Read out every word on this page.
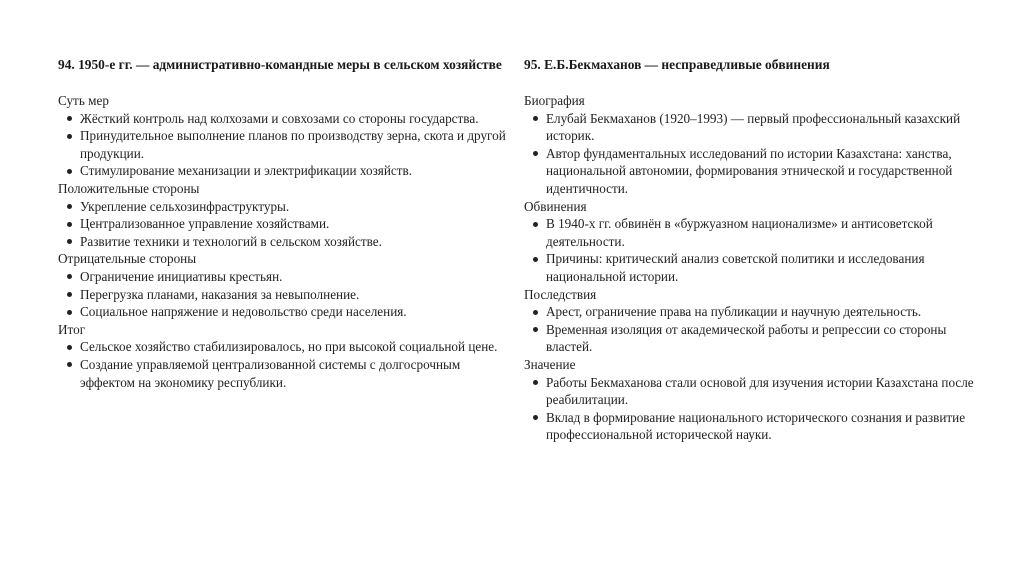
94. 1950-е гг. — административно-командные меры в сельском хозяйстве
Суть мер
Жёсткий контроль над колхозами и совхозами со стороны государства.
Принудительное выполнение планов по производству зерна, скота и другой продукции.
Стимулирование механизации и электрификации хозяйств.
Положительные стороны
Укрепление сельхозинфраструктуры.
Централизованное управление хозяйствами.
Развитие техники и технологий в сельском хозяйстве.
Отрицательные стороны
Ограничение инициативы крестьян.
Перегрузка планами, наказания за невыполнение.
Социальное напряжение и недовольство среди населения.
Итог
Сельское хозяйство стабилизировалось, но при высокой социальной цене.
Создание управляемой централизованной системы с долгосрочным эффектом на экономику республики.
95. Е.Б.Бекмаханов — несправедливые обвинения
Биография
Елубай Бекмаханов (1920–1993) — первый профессиональный казахский историк.
Автор фундаментальных исследований по истории Казахстана: ханства, национальной автономии, формирования этнической и государственной идентичности.
Обвинения
В 1940-х гг. обвинён в «буржуазном национализме» и антисоветской деятельности.
Причины: критический анализ советской политики и исследования национальной истории.
Последствия
Арест, ограничение права на публикации и научную деятельность.
Временная изоляция от академической работы и репрессии со стороны властей.
Значение
Работы Бекмаханова стали основой для изучения истории Казахстана после реабилитации.
Вклад в формирование национального исторического сознания и развитие профессиональной исторической науки.
